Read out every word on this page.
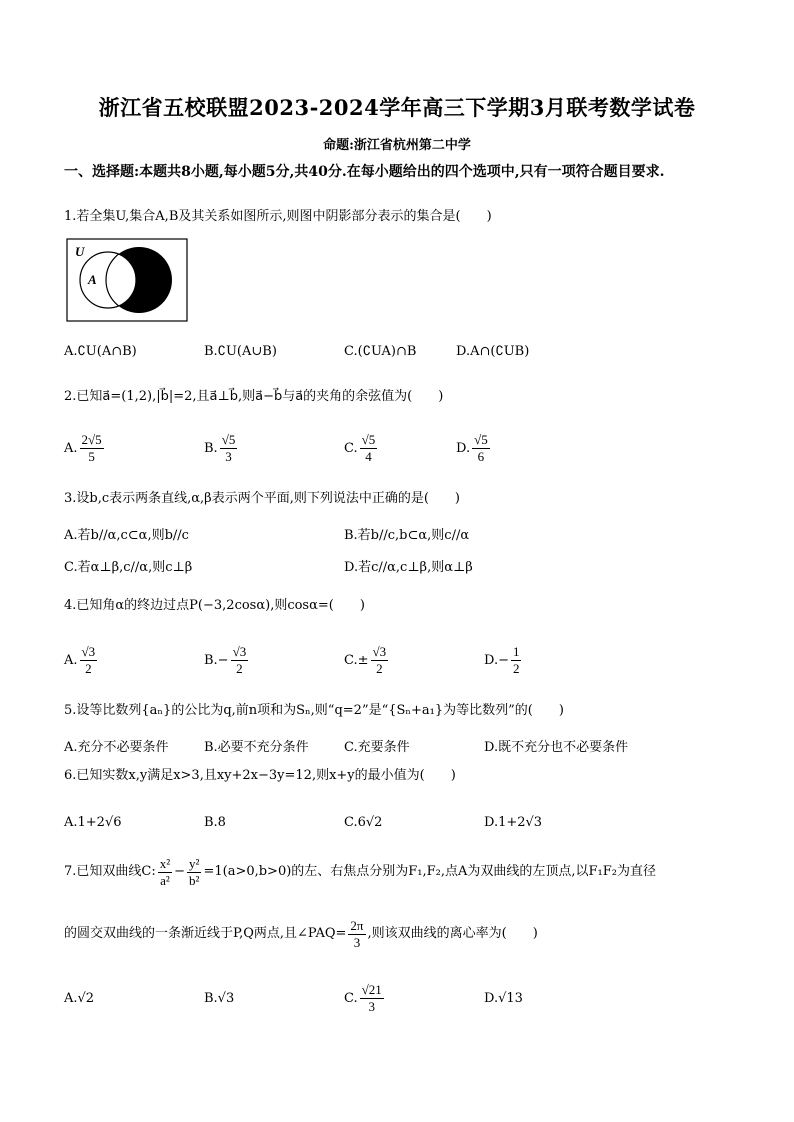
浙江省五校联盟2023-2024学年高三下学期3月联考数学试卷
命题:浙江省杭州第二中学
一、选择题:本题共8小题,每小题5分,共40分.在每小题给出的四个选项中,只有一项符合题目要求.
1.若全集U,集合A,B及其关系如图所示,则图中阴影部分表示的集合是(　　)
U
A
A.∁U(A∩B)	B.∁U(A∪B)	C.(∁UA)∩B	D.A∩(∁UB)
2.已知a⃗=(1,2),|b⃗|=2,且a⃗⊥b⃗,则a⃗−b⃗与a⃗的夹角的余弦值为(　　)
A. $\frac{2√5}{5}$	B. $\frac{√5}{3}$	C. $\frac{√5}{4}$	D. $\frac{√5}{6}$
3.设b,c表示两条直线,α,β表示两个平面,则下列说法中正确的是(　　)
A.若b//α,c⊂α,则b//c	B.若b//c,b⊂α,则c//α
C.若α⊥β,c//α,则c⊥β	D.若c//α,c⊥β,则α⊥β
4.已知角α的终边过点P(−3,2cosα),则cosα=(　　)
A. $\frac{√3}{2}$	$B.- \frac{√3}{2}$	$C.\pm \frac{√3}{2}$	$D.- \frac{1}{2}$
5.设等比数列{aₙ}的公比为q,前n项和为Sₙ,则“q=2”是“{Sₙ+a₁}为等比数列”的(　　)
A.充分不必要条件	B.必要不充分条件	C.充要条件	D.既不充分也不必要条件
6.已知实数x,y满足x>3,且xy+2x−3y=12,则x+y的最小值为(　　)
A.1+2√6	B.8	C.6√2	D.1+2√3
7.已知双曲线C: $\frac{\text{x²}}{\text{a²}} - \frac{\text{y²}}{\text{b²}} =1(a>0,b>0)$的左、右焦点分别为F₁,F₂,点A为双曲线的左顶点,以F₁F₂为直径
的圆交双曲线的一条渐近线于P,Q两点,且∠PAQ= $\frac{2\pi}{3}$ ,则该双曲线的离心率为(　　)
A.√2	B.√3	C. $\frac{√21}{3}$	D.√13
